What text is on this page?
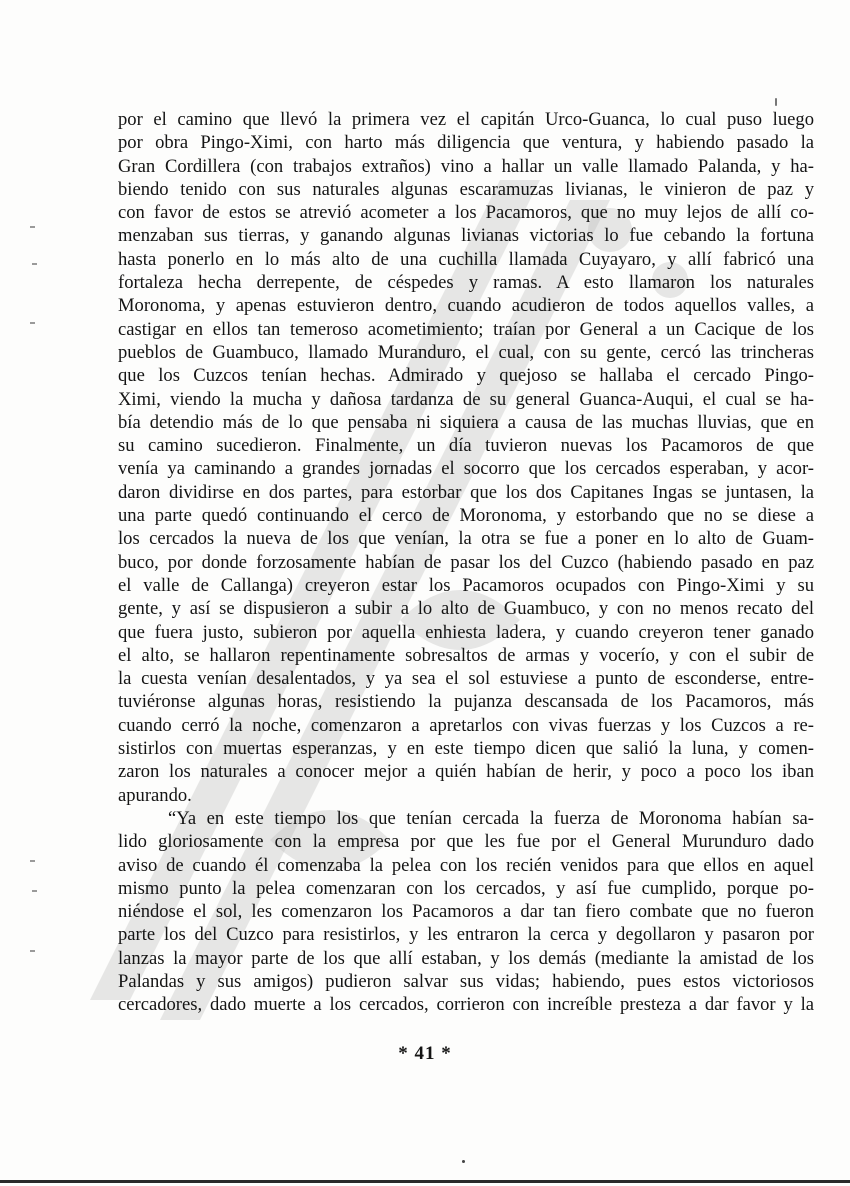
por el camino que llevó la primera vez el capitán Urco-Guanca, lo cual puso luego
por obra Pingo-Ximi, con harto más diligencia que ventura, y habiendo pasado la
Gran Cordillera (con trabajos extraños) vino a hallar un valle llamado Palanda, y ha-
biendo tenido con sus naturales algunas escaramuzas livianas, le vinieron de paz y
con favor de estos se atrevió acometer a los Pacamoros, que no muy lejos de allí co-
menzaban sus tierras, y ganando algunas livianas victorias lo fue cebando la fortuna
hasta ponerlo en lo más alto de una cuchilla llamada Cuyayaro, y allí fabricó una
fortaleza hecha derrepente, de céspedes y ramas. A esto llamaron los naturales
Moronoma, y apenas estuvieron dentro, cuando acudieron de todos aquellos valles, a
castigar en ellos tan temeroso acometimiento; traían por General a un Cacique de los
pueblos de Guambuco, llamado Muranduro, el cual, con su gente, cercó las trincheras
que los Cuzcos tenían hechas. Admirado y quejoso se hallaba el cercado Pingo-
Ximi, viendo la mucha y dañosa tardanza de su general Guanca-Auqui, el cual se ha-
bía detendio más de lo que pensaba ni siquiera a causa de las muchas lluvias, que en
su camino sucedieron. Finalmente, un día tuvieron nuevas los Pacamoros de que
venía ya caminando a grandes jornadas el socorro que los cercados esperaban, y acor-
daron dividirse en dos partes, para estorbar que los dos Capitanes Ingas se juntasen, la
una parte quedó continuando el cerco de Moronoma, y estorbando que no se diese a
los cercados la nueva de los que venían, la otra se fue a poner en lo alto de Guam-
buco, por donde forzosamente habían de pasar los del Cuzco (habiendo pasado en paz
el valle de Callanga) creyeron estar los Pacamoros ocupados con Pingo-Ximi y su
gente, y así se dispusieron a subir a lo alto de Guambuco, y con no menos recato del
que fuera justo, subieron por aquella enhiesta ladera, y cuando creyeron tener ganado
el alto, se hallaron repentinamente sobresaltos de armas y vocerío, y con el subir de
la cuesta venían desalentados, y ya sea el sol estuviese a punto de esconderse, entre-
tuviéronse algunas horas, resistiendo la pujanza descansada de los Pacamoros, más
cuando cerró la noche, comenzaron a apretarlos con vivas fuerzas y los Cuzcos a re-
sistirlos con muertas esperanzas, y en este tiempo dicen que salió la luna, y comen-
zaron los naturales a conocer mejor a quién habían de herir, y poco a poco los iban
apurando.

“Ya en este tiempo los que tenían cercada la fuerza de Moronoma habían sa-
lido gloriosamente con la empresa por que les fue por el General Murunduro dado
aviso de cuando él comenzaba la pelea con los recién venidos para que ellos en aquel
mismo punto la pelea comenzaran con los cercados, y así fue cumplido, porque po-
niéndose el sol, les comenzaron los Pacamoros a dar tan fiero combate que no fueron
parte los del Cuzco para resistirlos, y les entraron la cerca y degollaron y pasaron por
lanzas la mayor parte de los que allí estaban, y los demás (mediante la amistad de los
Palandas y sus amigos) pudieron salvar sus vidas; habiendo, pues estos victoriosos
cercadores, dado muerte a los cercados, corrieron con increíble presteza a dar favor y la

* 41 *
